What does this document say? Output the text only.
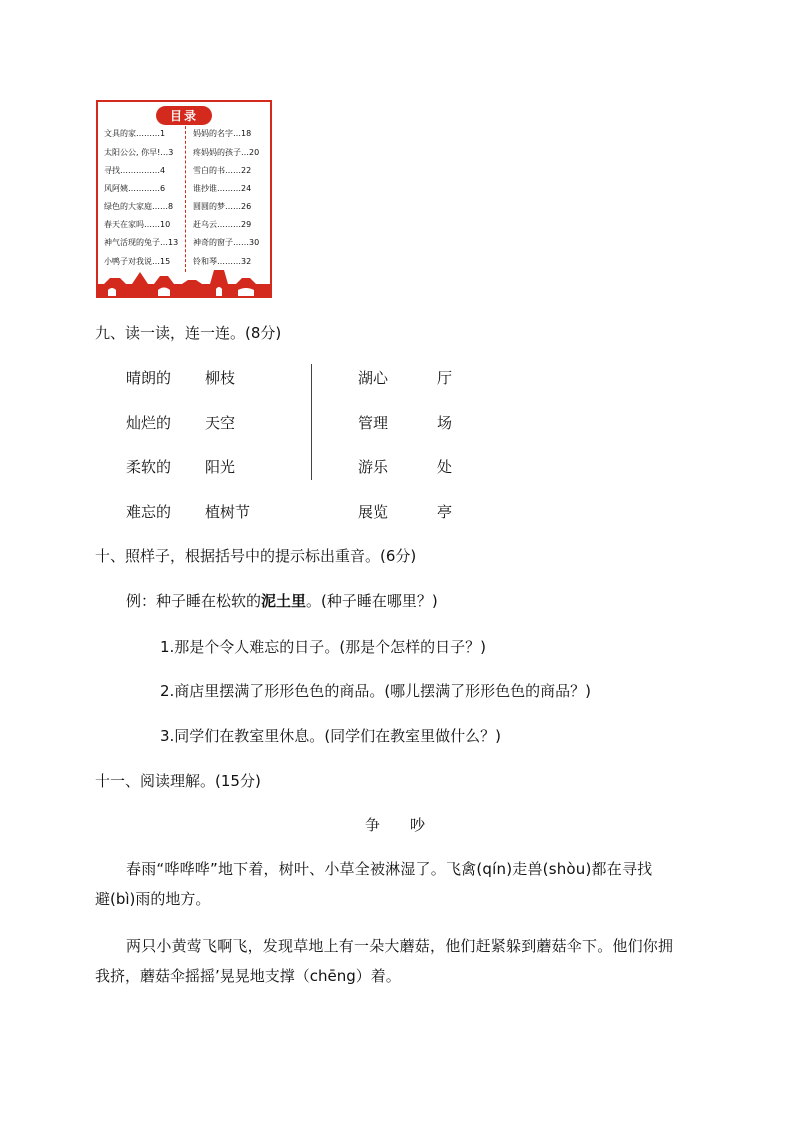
目录
文具的家………1
太阳公公, 你早!…3
寻找……………4
风阿姨…………6
绿色的大家庭……8
春天在家吗……10
神气活现的兔子…13
小鸭子对我说…15
妈妈的名字…18
疼妈妈的孩子…20
雪白的书……22
谁抄谁………24
圆圆的梦……26
赶乌云………29
神奇的窗子……30
铃和琴………32
九、读一读，连一连。(8分)
晴朗的
灿烂的
柔软的
难忘的
柳枝
天空
阳光
植树节
湖心
管理
游乐
展览
厅
场
处
亭
十、照样子，根据括号中的提示标出重音。(6分)
例：种子睡在松软的泥土里。(种子睡在哪里？)
1.那是个令人难忘的日子。(那是个怎样的日子？)
2.商店里摆满了形形色色的商品。(哪儿摆满了形形色色的商品？)
3.同学们在教室里休息。(同学们在教室里做什么？)
十一、阅读理解。(15分)
争　　吵
春雨“哗哗哗”地下着，树叶、小草全被淋湿了。飞禽(qín)走兽(shòu)都在寻找
避(bì)雨的地方。
两只小黄莺飞啊飞，发现草地上有一朵大蘑菇，他们赶紧躲到蘑菇伞下。他们你拥
我挤，蘑菇伞摇摇’晃晃地支撑（chēng）着。
